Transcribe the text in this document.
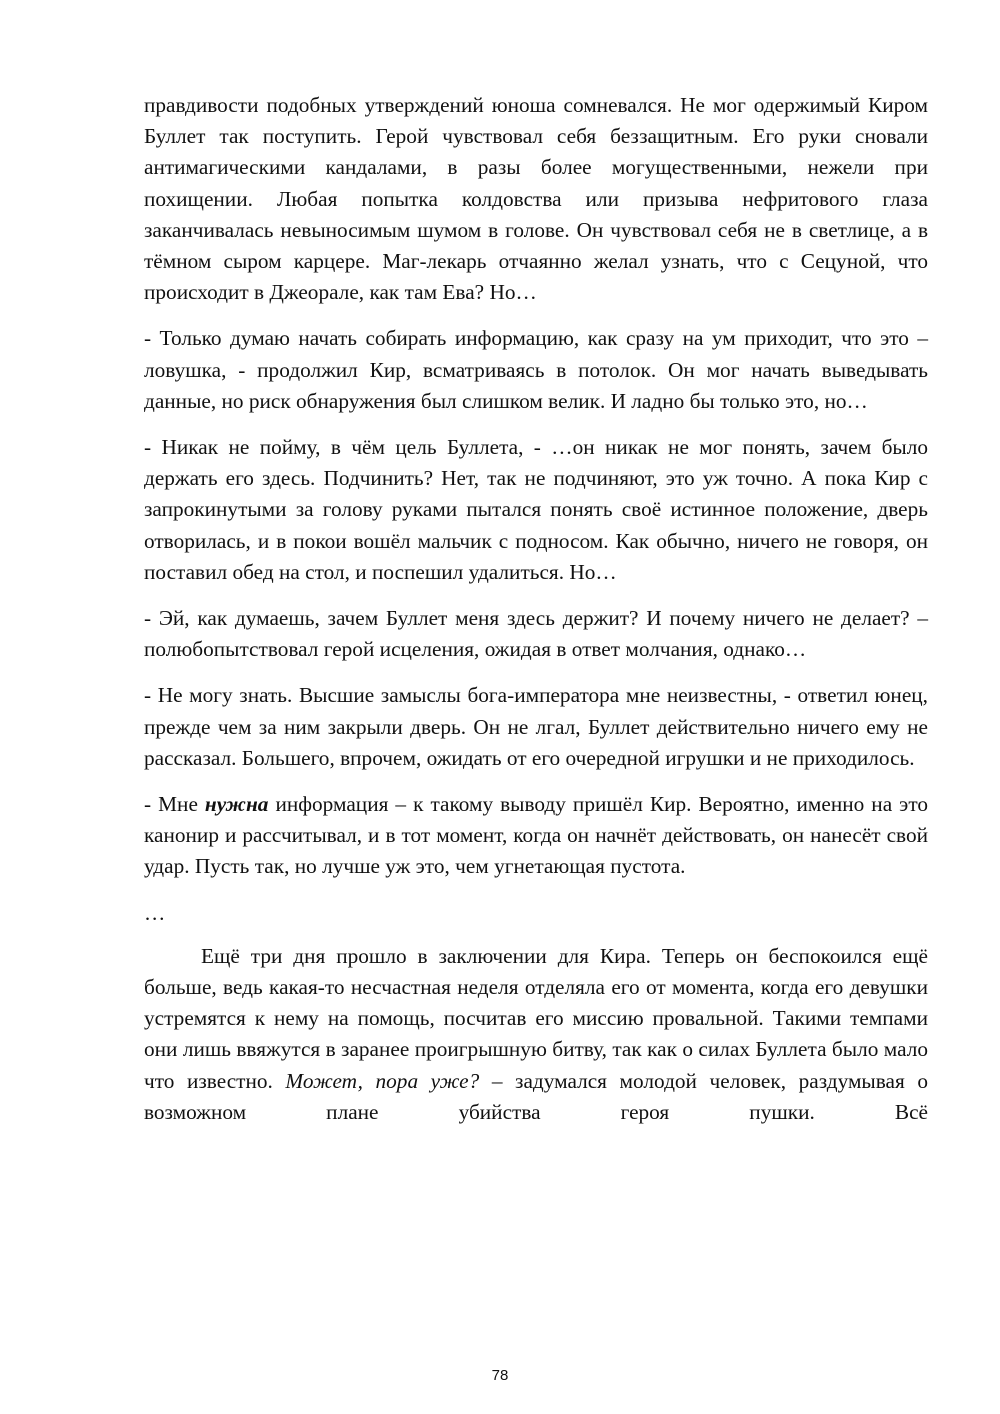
правдивости подобных утверждений юноша сомневался. Не мог одержимый Киром Буллет так поступить. Герой чувствовал себя беззащитным. Его руки сновали антимагическими кандалами, в разы более могущественными, нежели при похищении. Любая попытка колдовства или призыва нефритового глаза заканчивалась невыносимым шумом в голове. Он чувствовал себя не в светлице, а в тёмном сыром карцере. Маг-лекарь отчаянно желал узнать, что с Сецуной, что происходит в Джеорале, как там Ева? Но…

- Только думаю начать собирать информацию, как сразу на ум приходит, что это – ловушка, - продолжил Кир, всматриваясь в потолок. Он мог начать выведывать данные, но риск обнаружения был слишком велик. И ладно бы только это, но…

- Никак не пойму, в чём цель Буллета, - …он никак не мог понять, зачем было держать его здесь. Подчинить? Нет, так не подчиняют, это уж точно. А пока Кир с запрокинутыми за голову руками пытался понять своё истинное положение, дверь отворилась, и в покои вошёл мальчик с подносом. Как обычно, ничего не говоря, он поставил обед на стол, и поспешил удалиться. Но…

- Эй, как думаешь, зачем Буллет меня здесь держит? И почему ничего не делает? – полюбопытствовал герой исцеления, ожидая в ответ молчания, однако…

- Не могу знать. Высшие замыслы бога-императора мне неизвестны, - ответил юнец, прежде чем за ним закрыли дверь. Он не лгал, Буллет действительно ничего ему не рассказал. Большего, впрочем, ожидать от его очередной игрушки и не приходилось.

- Мне нужна информация – к такому выводу пришёл Кир. Вероятно, именно на это канонир и рассчитывал, и в тот момент, когда он начнёт действовать, он нанесёт свой удар. Пусть так, но лучше уж это, чем угнетающая пустота.

…

Ещё три дня прошло в заключении для Кира. Теперь он беспокоился ещё больше, ведь какая-то несчастная неделя отделяла его от момента, когда его девушки устремятся к нему на помощь, посчитав его миссию провальной. Такими темпами они лишь ввяжутся в заранее проигрышную битву, так как о силах Буллета было мало что известно. Может, пора уже? – задумался молодой человек, раздумывая о возможном плане убийства героя пушки. Всё

78
